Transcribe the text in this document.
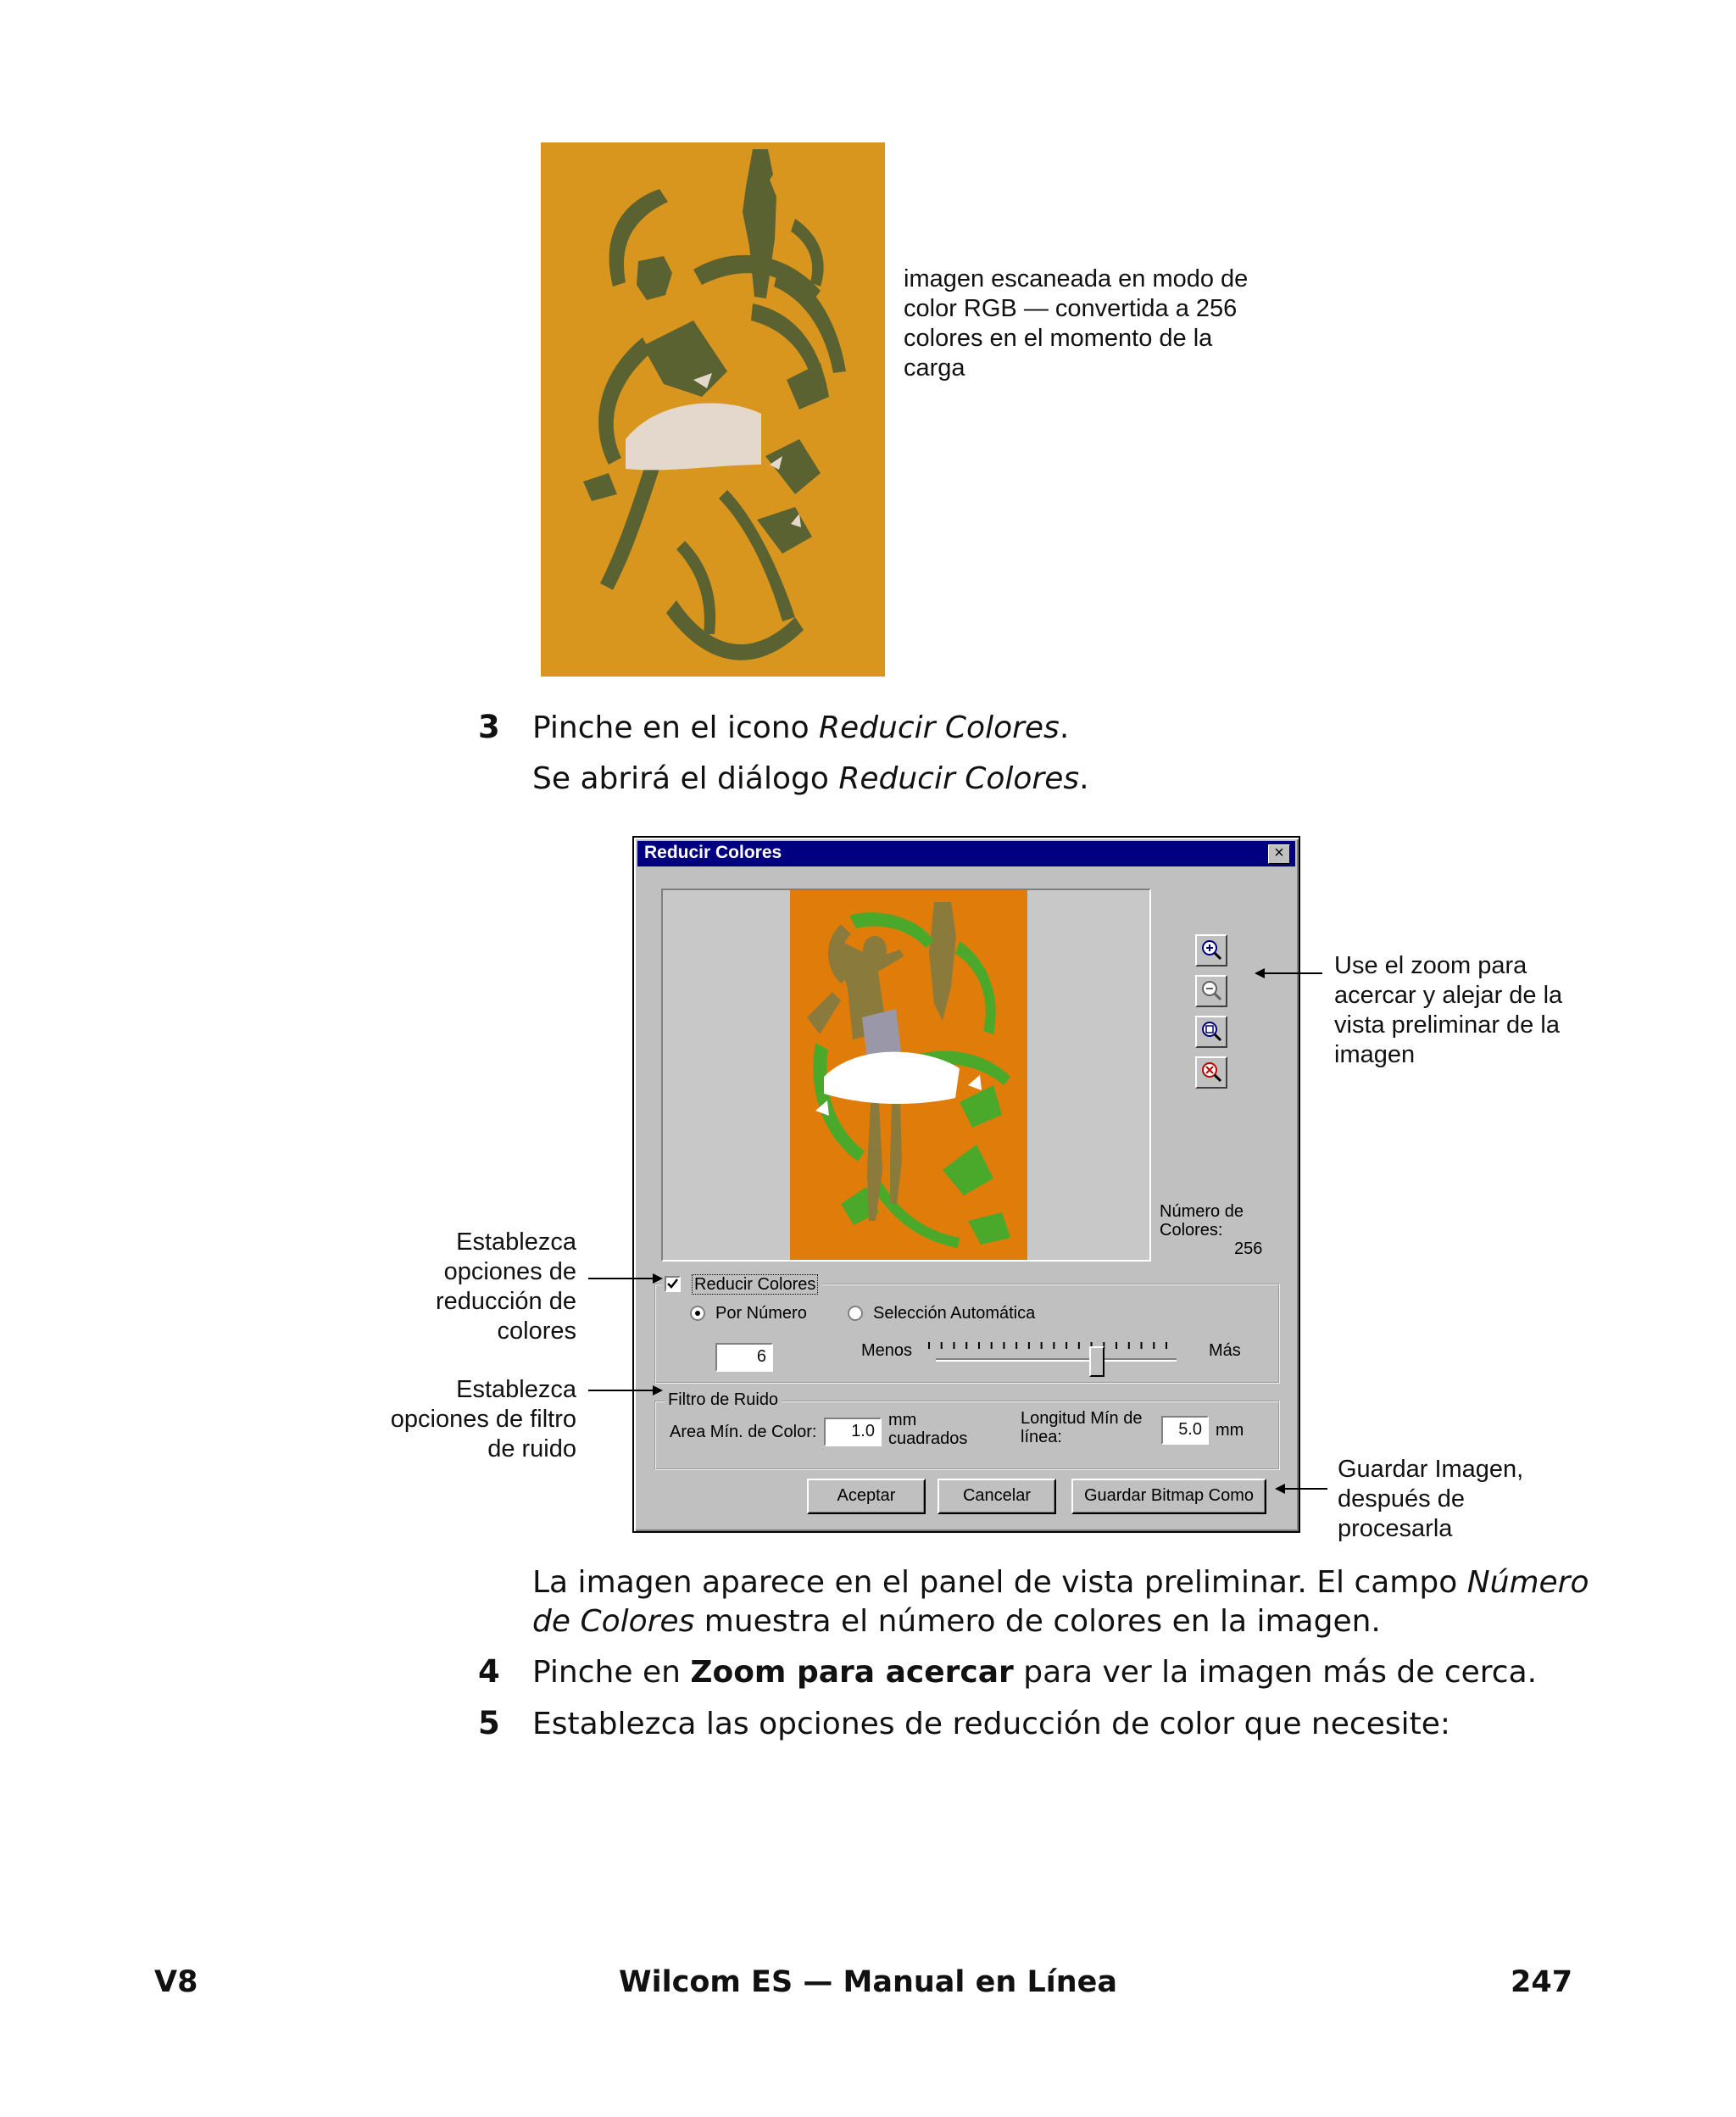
imagen escaneada en modo de color RGB — convertida a 256 colores en el momento de la carga
3 Pinche en el icono Reducir Colores.
Se abrirá el diálogo Reducir Colores.
Reducir Colores	×
Número de Colores:
256
Reducir Colores
Por Número	Selección Automática
6	Menos	Más
Filtro de Ruido
Area Mín. de Color:	1.0
mm cuadrados
Longitud Mín de línea:	5.0 mm
Aceptar	Cancelar	Guardar Bitmap Como
Use el zoom para acercar y alejar de la vista preliminar de la imagen
Establezca opciones de reducción de colores
Establezca opciones de filtro de ruido
Guardar Imagen, después de procesarla
La imagen aparece en el panel de vista preliminar. El campo Número de Colores muestra el número de colores en la imagen.
4 Pinche en Zoom para acercar para ver la imagen más de cerca.
5 Establezca las opciones de reducción de color que necesite:
V8	Wilcom ES — Manual en Línea	247
